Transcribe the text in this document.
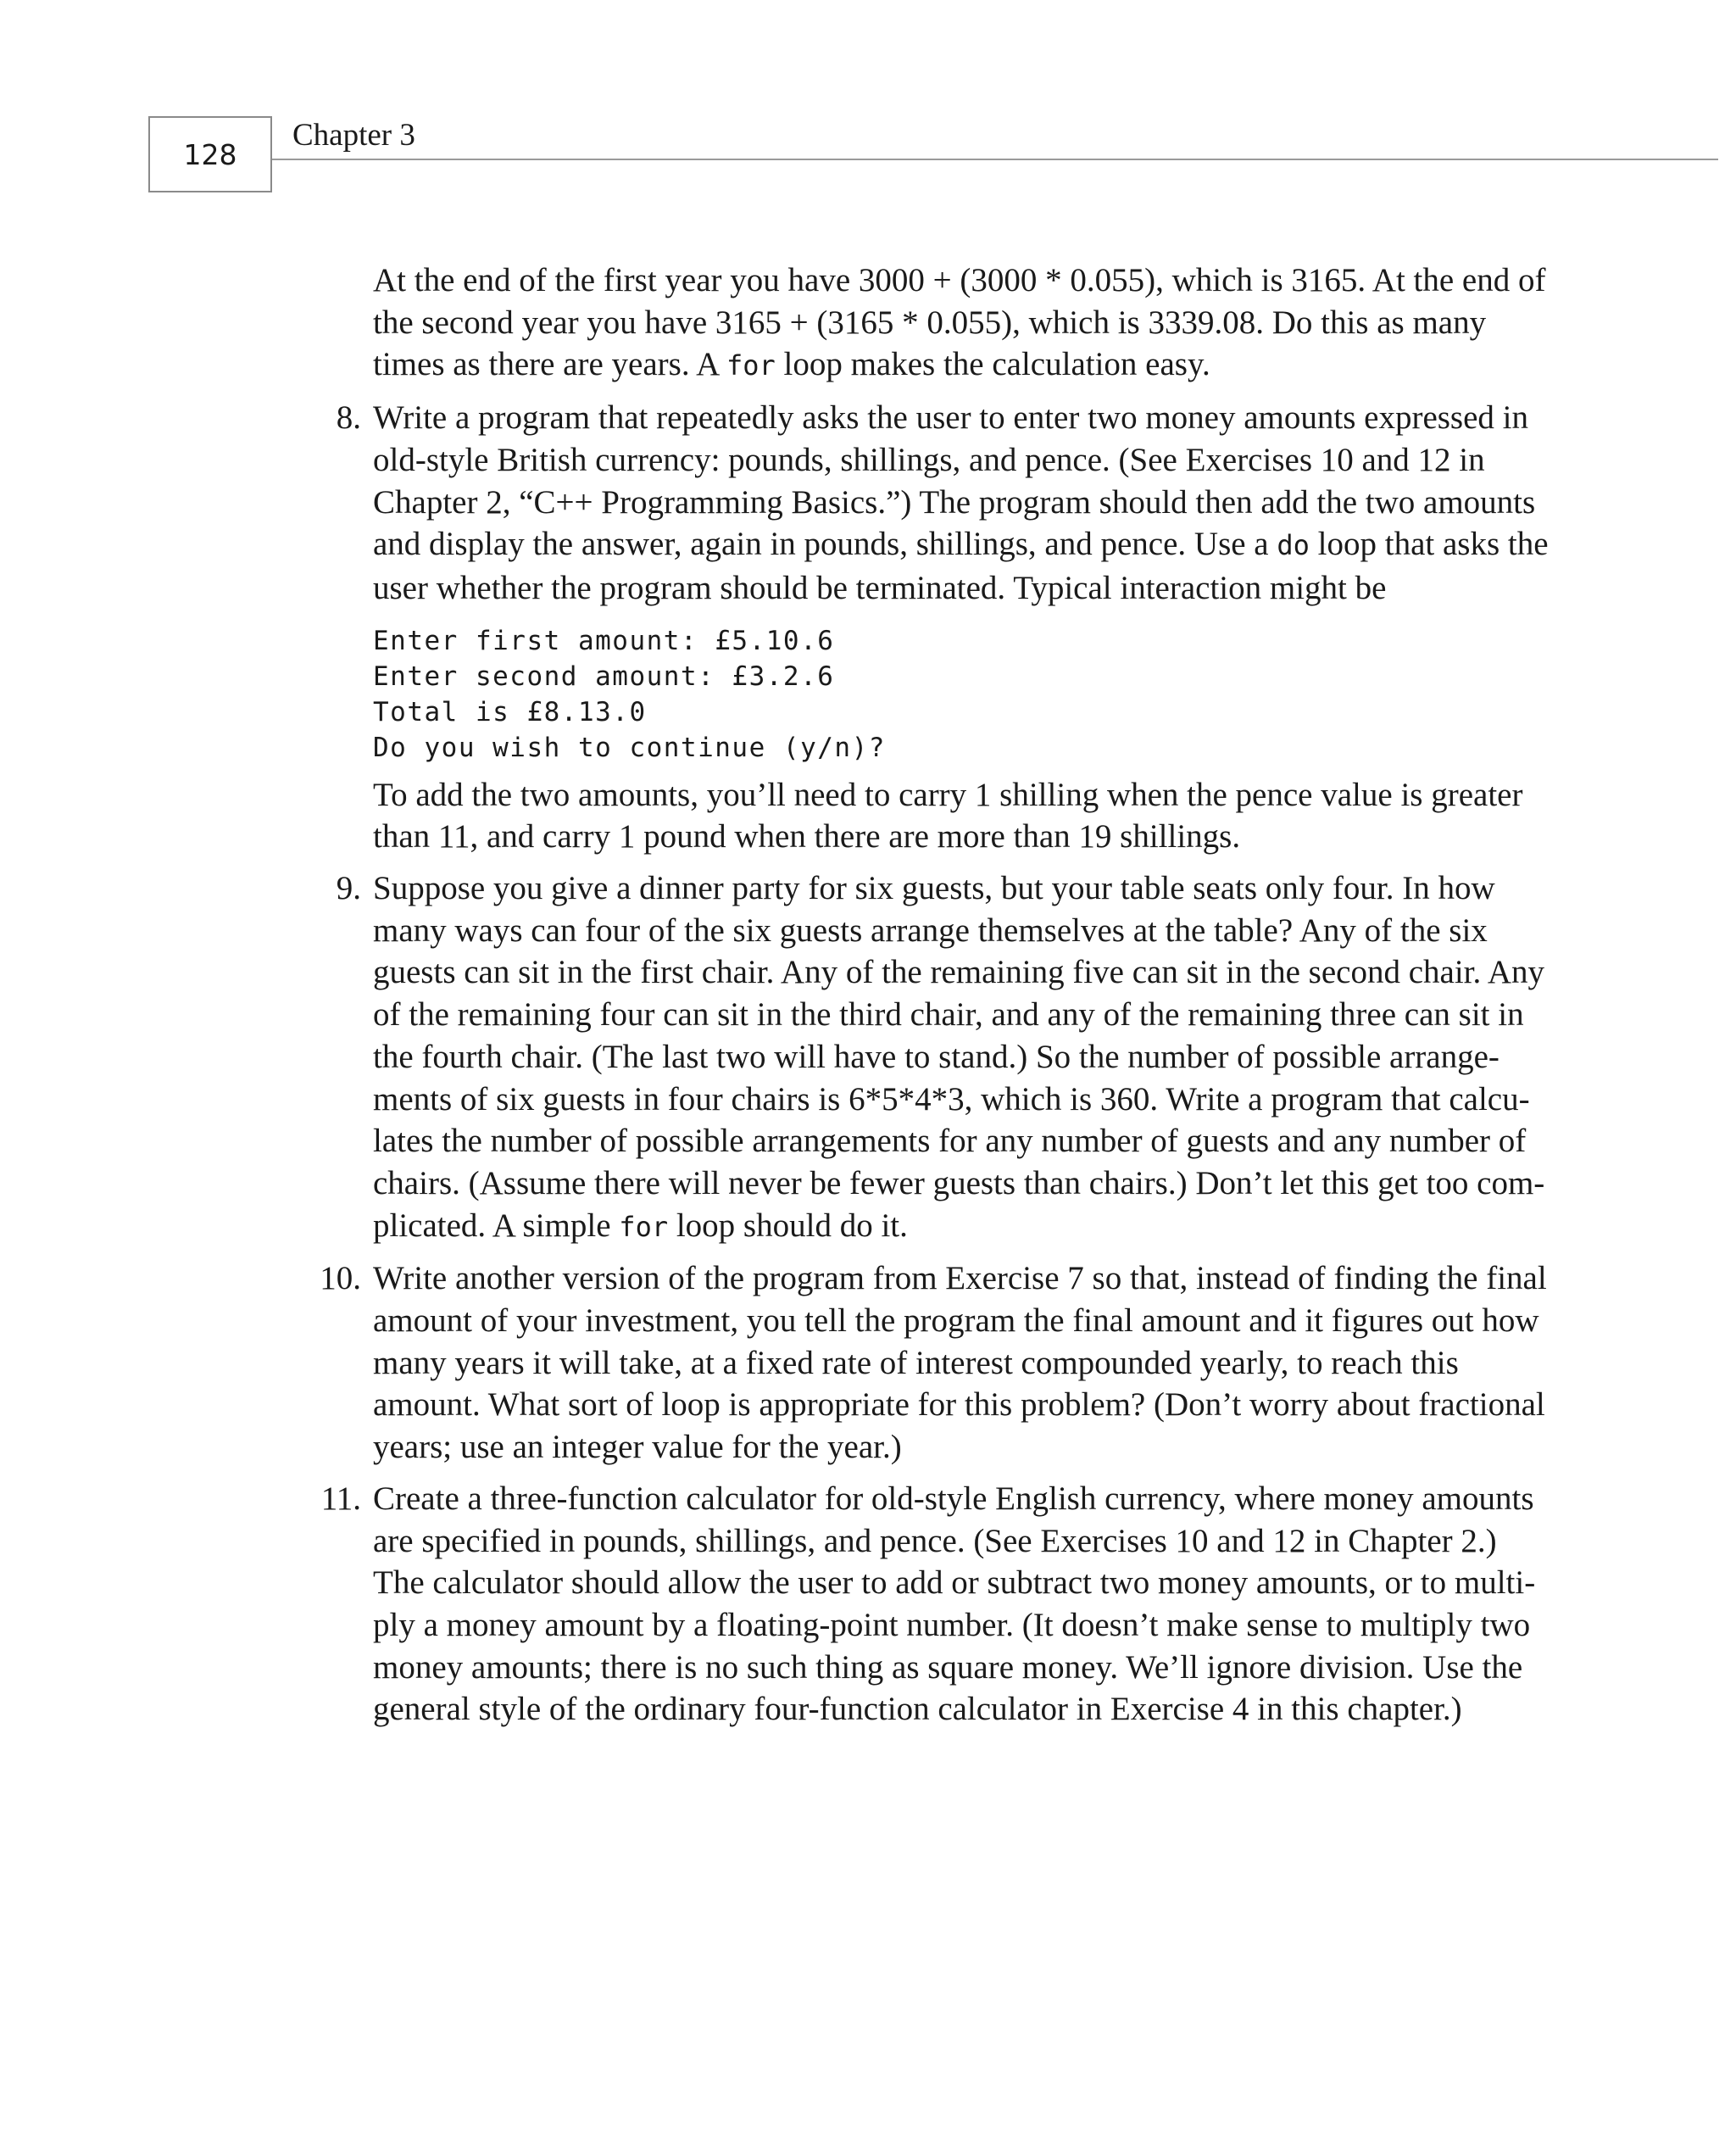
128
Chapter 3

At the end of the first year you have 3000 + (3000 * 0.055), which is 3165. At the end of the second year you have 3165 + (3165 * 0.055), which is 3339.08. Do this as many times as there are years. A for loop makes the calculation easy.

8. Write a program that repeatedly asks the user to enter two money amounts expressed in old-style British currency: pounds, shillings, and pence. (See Exercises 10 and 12 in Chapter 2, “C++ Programming Basics.”) The program should then add the two amounts and display the answer, again in pounds, shillings, and pence. Use a do loop that asks the user whether the program should be terminated. Typical interaction might be

Enter first amount: £5.10.6
Enter second amount: £3.2.6
Total is £8.13.0
Do you wish to continue (y/n)?

To add the two amounts, you’ll need to carry 1 shilling when the pence value is greater than 11, and carry 1 pound when there are more than 19 shillings.

9. Suppose you give a dinner party for six guests, but your table seats only four. In how many ways can four of the six guests arrange themselves at the table? Any of the six guests can sit in the first chair. Any of the remaining five can sit in the second chair. Any of the remaining four can sit in the third chair, and any of the remaining three can sit in the fourth chair. (The last two will have to stand.) So the number of possible arrange-ments of six guests in four chairs is 6*5*4*3, which is 360. Write a program that calcu-lates the number of possible arrangements for any number of guests and any number of chairs. (Assume there will never be fewer guests than chairs.) Don’t let this get too com-plicated. A simple for loop should do it.

10. Write another version of the program from Exercise 7 so that, instead of finding the final amount of your investment, you tell the program the final amount and it figures out how many years it will take, at a fixed rate of interest compounded yearly, to reach this amount. What sort of loop is appropriate for this problem? (Don’t worry about fractional years; use an integer value for the year.)

11. Create a three-function calculator for old-style English currency, where money amounts are specified in pounds, shillings, and pence. (See Exercises 10 and 12 in Chapter 2.) The calculator should allow the user to add or subtract two money amounts, or to multi-ply a money amount by a floating-point number. (It doesn’t make sense to multiply two money amounts; there is no such thing as square money. We’ll ignore division. Use the general style of the ordinary four-function calculator in Exercise 4 in this chapter.)
